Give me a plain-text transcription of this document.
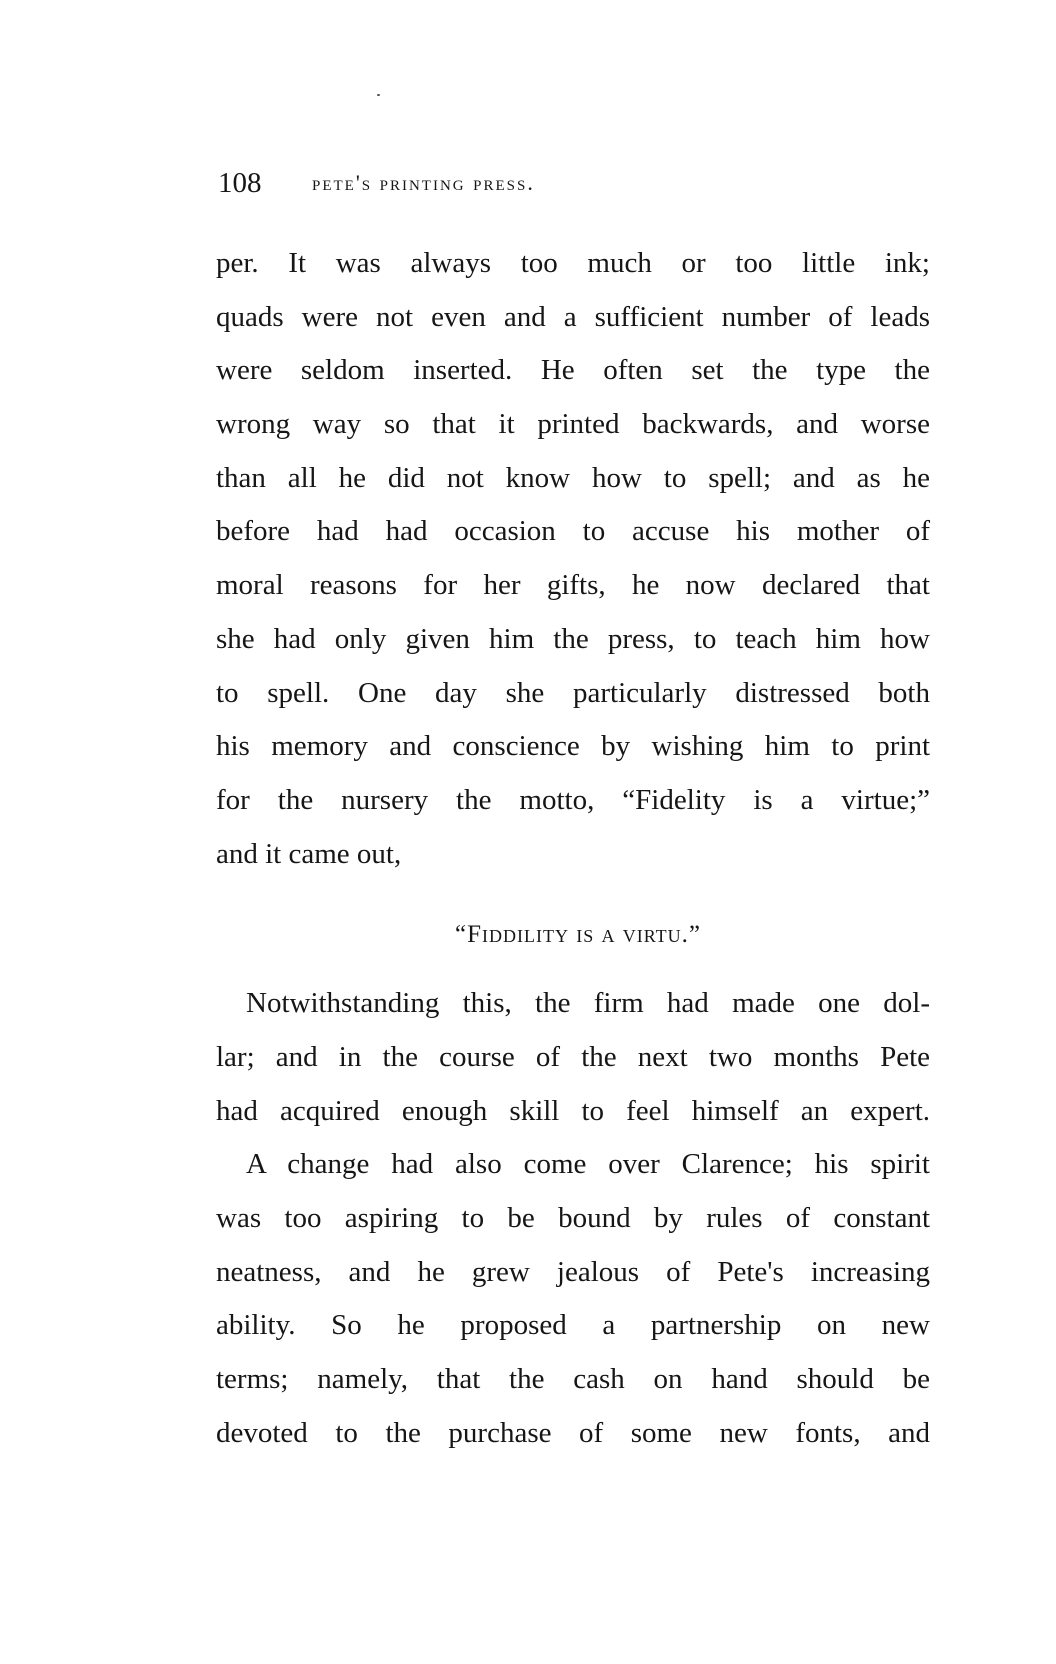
108 pete's printing press.
per. It was always too much or too little ink;
quads were not even and a sufficient number of leads
were seldom inserted. He often set the type the
wrong way so that it printed backwards, and worse
than all he did not know how to spell; and as he
before had had occasion to accuse his mother of
moral reasons for her gifts, he now declared that
she had only given him the press, to teach him how
to spell. One day she particularly distressed both
his memory and conscience by wishing him to print
for the nursery the motto, “Fidelity is a virtue;”
and it came out,
“Fiddility is a virtu.”
Notwithstanding this, the firm had made one dol-
lar; and in the course of the next two months Pete
had acquired enough skill to feel himself an expert.
A change had also come over Clarence; his spirit
was too aspiring to be bound by rules of constant
neatness, and he grew jealous of Pete's increasing
ability. So he proposed a partnership on new
terms; namely, that the cash on hand should be
devoted to the purchase of some new fonts, and
